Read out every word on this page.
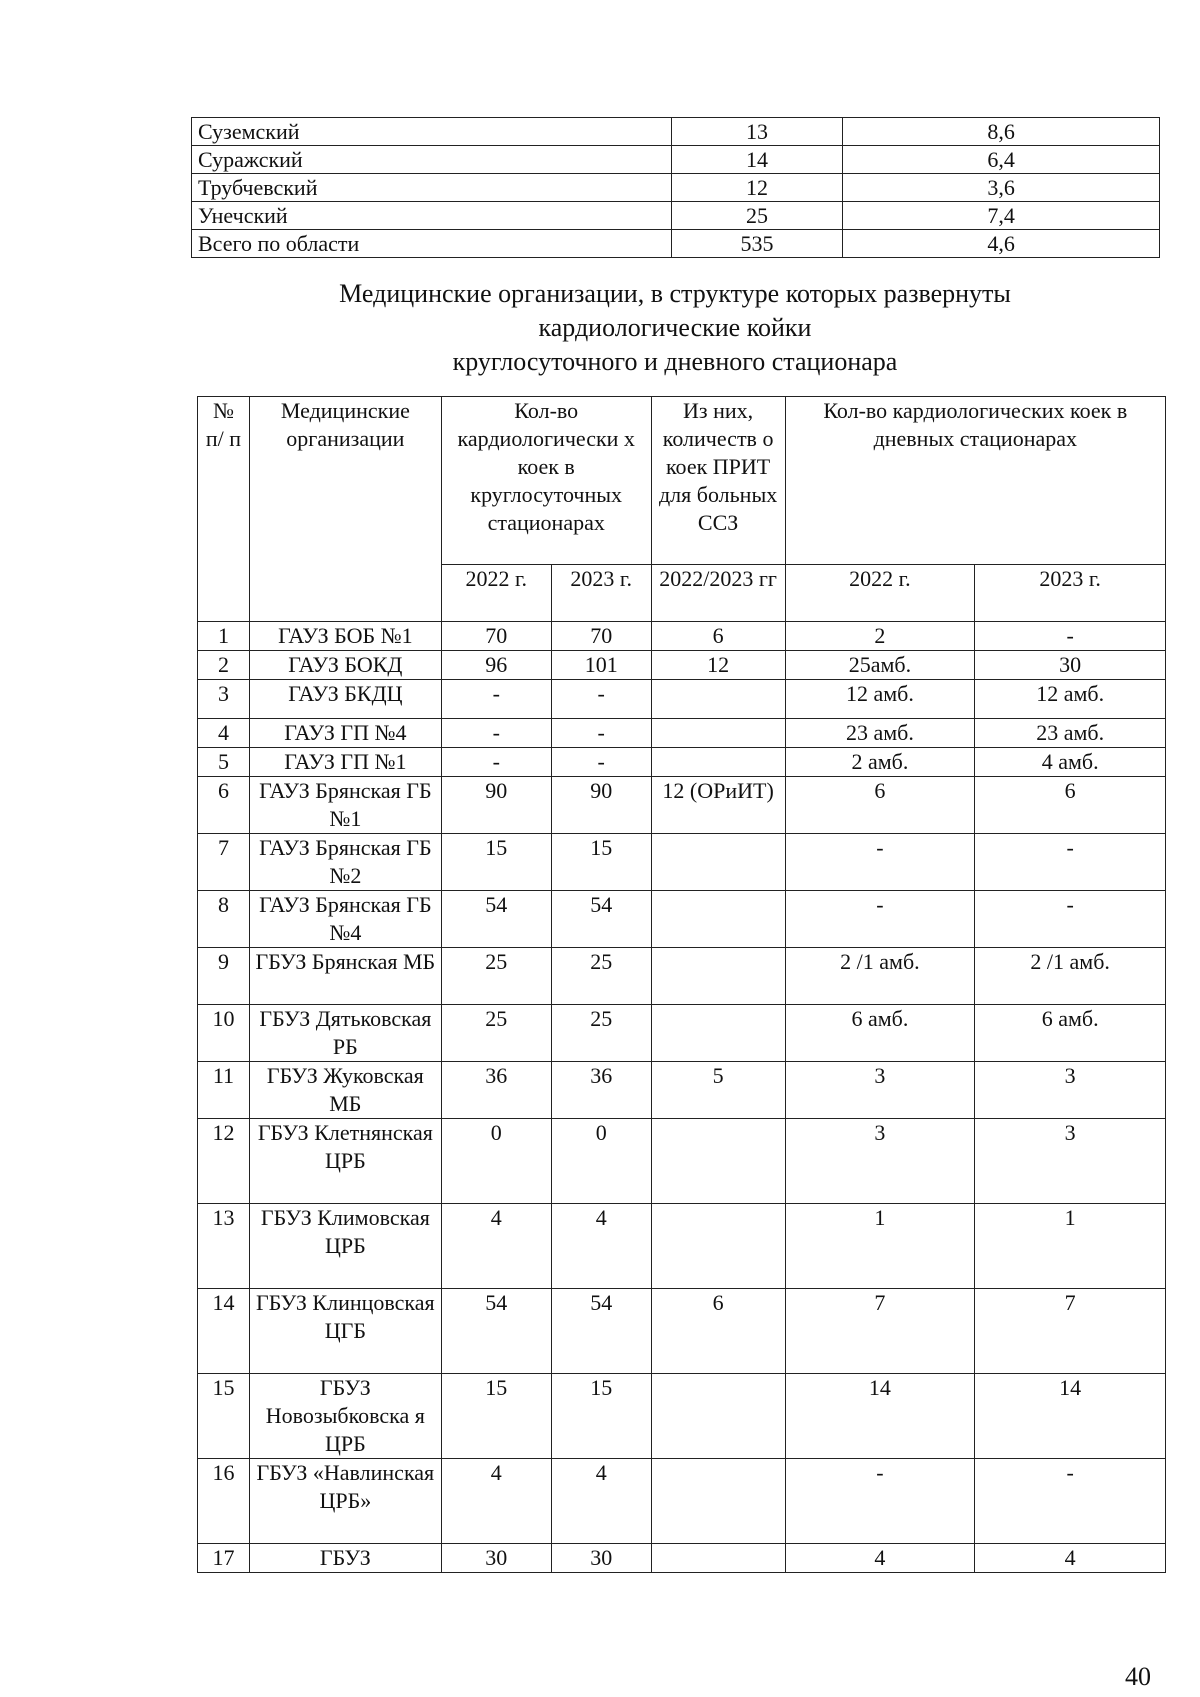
Суземский	13	8,6
Суражский	14	6,4
Трубчевский	12	3,6
Унечский	25	7,4
Всего по области	535	4,6
Медицинские организации, в структуре которых развернуты
кардиологические койки
круглосуточного и дневного стационара
№ п/ п	Медицинские организации	Кол-во кардиологически х коек в круглосуточных стационарах		Из них, количеств о коек ПРИТ для больных ССЗ	Кол-во кардиологических коек в дневных стационарах	
		2022 г.	2023 г.	2022/2023 гг	2022 г.	2023 г.
1	ГАУЗ БОБ №1	70	70	6	2	-
2	ГАУЗ БОКД	96	101	12	25амб.	30
3	ГАУЗ БКДЦ	-	-		12 амб.	12 амб.
4	ГАУЗ ГП №4	-	-		23 амб.	23 амб.
5	ГАУЗ ГП №1	-	-		2 амб.	4 амб.
6	ГАУЗ Брянская ГБ №1	90	90	12 (ОРиИТ)	6	6
7	ГАУЗ Брянская ГБ №2	15	15		-	-
8	ГАУЗ Брянская ГБ №4	54	54		-	-
9	ГБУЗ Брянская МБ	25	25		2 /1 амб.	2 /1 амб.
10	ГБУЗ Дятьковская РБ	25	25		6 амб.	6 амб.
11	ГБУЗ Жуковская МБ	36	36	5	3	3
12	ГБУЗ Клетнянская ЦРБ	0	0		3	3
13	ГБУЗ Климовская ЦРБ	4	4		1	1
14	ГБУЗ Клинцовская ЦГБ	54	54	6	7	7
15	ГБУЗ Новозыбковска я ЦРБ	15	15		14	14
16	ГБУЗ «Навлинская ЦРБ»	4	4		-	-
17	ГБУЗ	30	30		4	4
40
